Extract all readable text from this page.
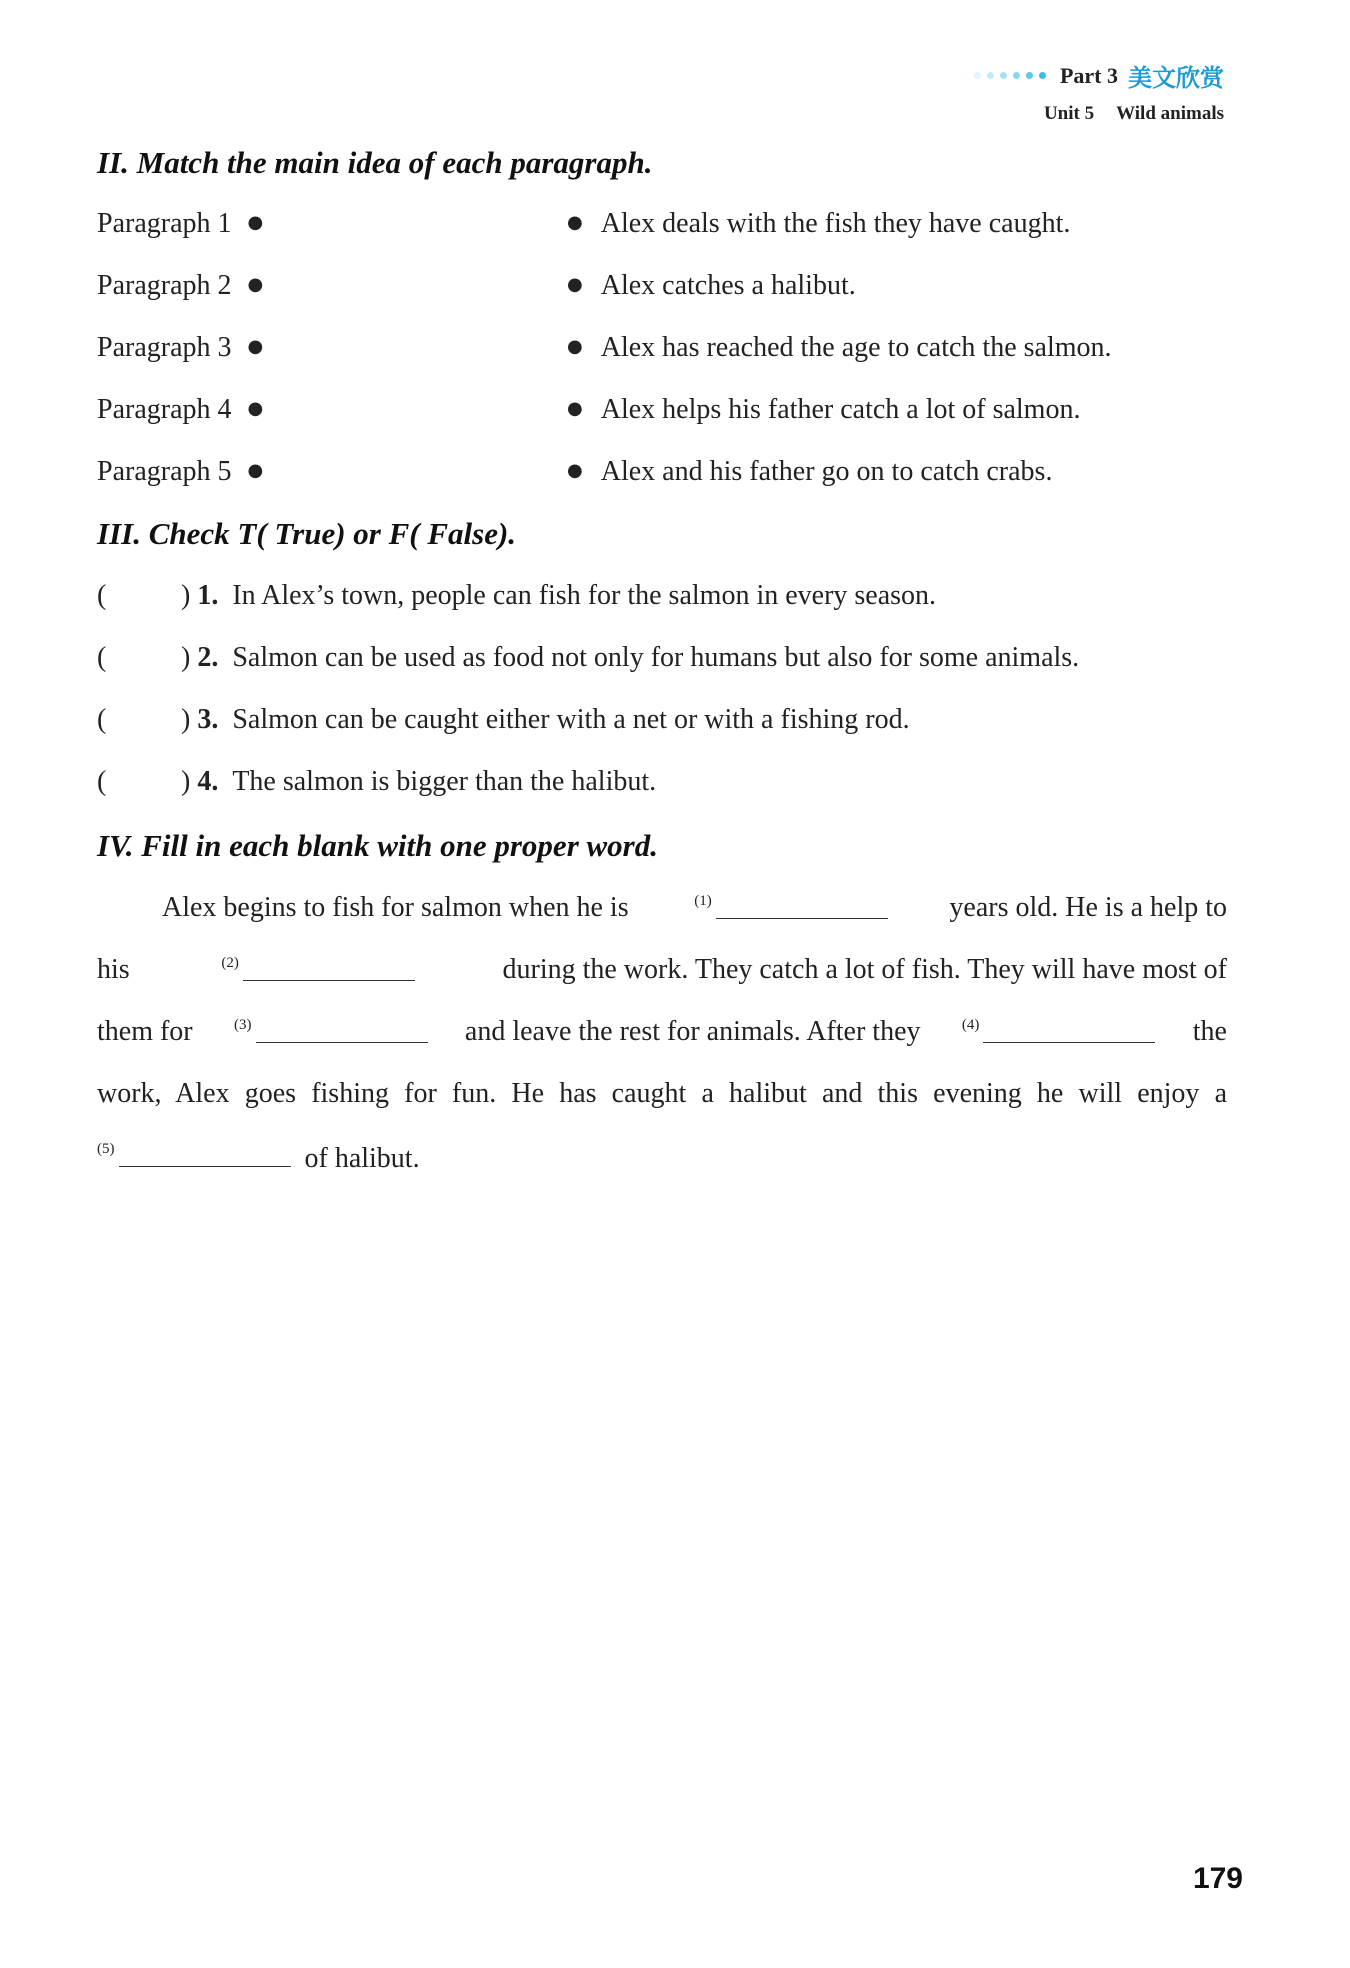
Part 3 美文欣赏
Unit 5 Wild animals
II. Match the main idea of each paragraph.
Paragraph 1 ●	● Alex deals with the fish they have caught.
Paragraph 2 ●	● Alex catches a halibut.
Paragraph 3 ●	● Alex has reached the age to catch the salmon.
Paragraph 4 ●	● Alex helps his father catch a lot of salmon.
Paragraph 5 ●	● Alex and his father go on to catch crabs.
III. Check T( True) or F( False).
(	) 1. In Alex’s town, people can fish for the salmon in every season.
(	) 2. Salmon can be used as food not only for humans but also for some animals.
(	) 3. Salmon can be caught either with a net or with a fishing rod.
(	) 4. The salmon is bigger than the halibut.
IV. Fill in each blank with one proper word.
Alex begins to fish for salmon when he is	$^{(1)}$	years old. He is a help to
his	$^{(2)}$	during the work. They catch a lot of fish. They will have most of
them for	$^{(3)}$	and leave the rest for animals. After they	$^{(4)}$	the
work, Alex goes fishing for fun. He has caught a halibut and this evening he will enjoy a
$^{(5)}$	of halibut.
179
